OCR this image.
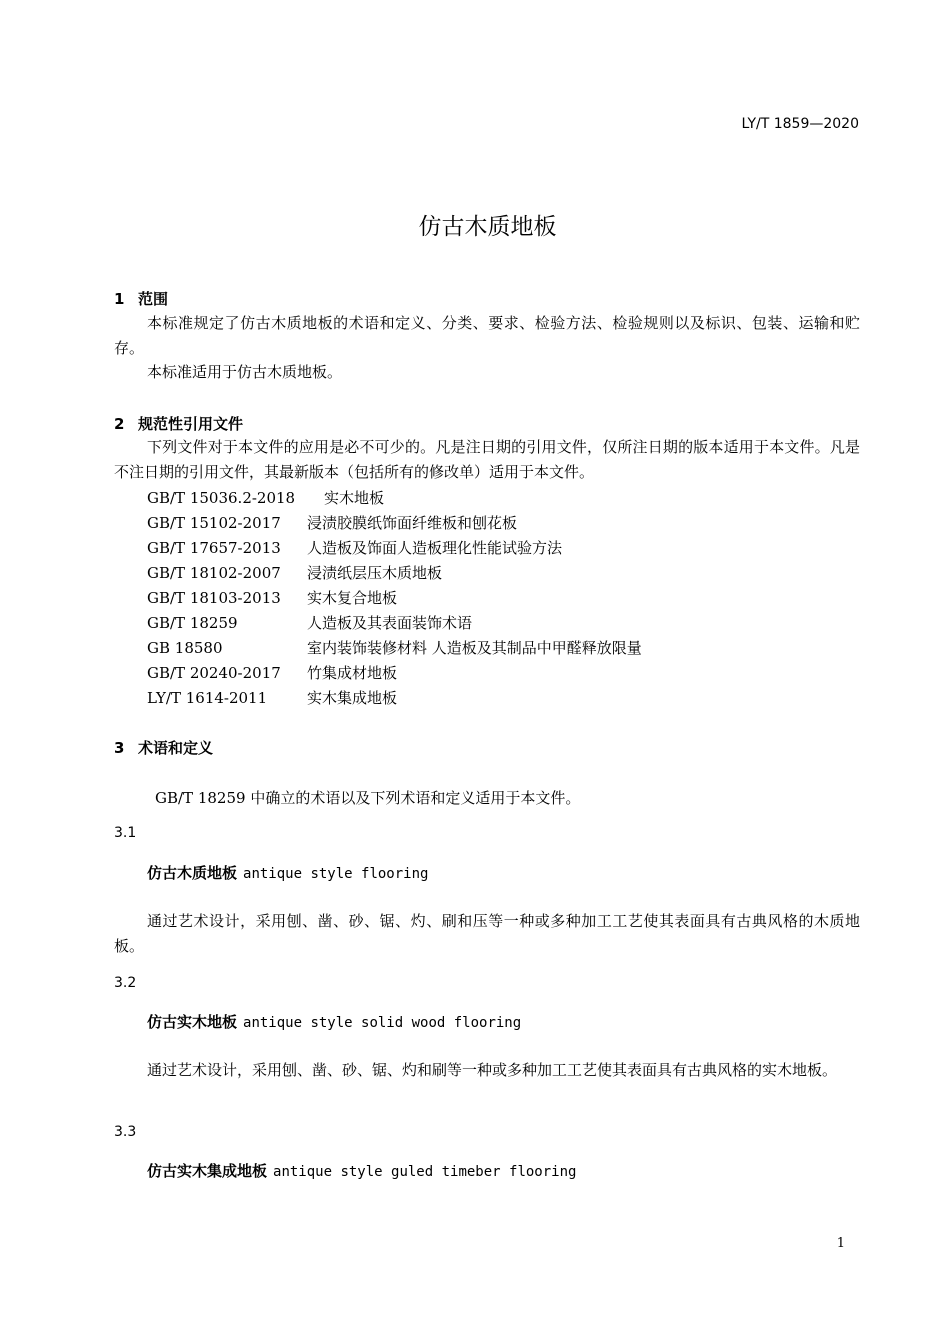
LY/T 1859—2020
仿古木质地板
1 范围
本标准规定了仿古木质地板的术语和定义、分类、要求、检验方法、检验规则以及标识、包装、运输和贮存。
本标准适用于仿古木质地板。
2 规范性引用文件
下列文件对于本文件的应用是必不可少的。凡是注日期的引用文件，仅所注日期的版本适用于本文件。凡是不注日期的引用文件，其最新版本（包括所有的修改单）适用于本文件。
GB/T 15036.2-2018 实木地板
GB/T 15102-2017 浸渍胶膜纸饰面纤维板和刨花板
GB/T 17657-2013 人造板及饰面人造板理化性能试验方法
GB/T 18102-2007 浸渍纸层压木质地板
GB/T 18103-2013 实木复合地板
GB/T 18259	人造板及其表面装饰术语
GB 18580	室内装饰装修材料 人造板及其制品中甲醛释放限量
GB/T 20240-2017 竹集成材地板
LY/T 1614-2011	实木集成地板
3 术语和定义
GB/T 18259 中确立的术语以及下列术语和定义适用于本文件。
3.1
仿古木质地板 antique style flooring
通过艺术设计，采用刨、凿、砂、锯、灼、刷和压等一种或多种加工工艺使其表面具有古典风格的木质地板。
3.2
仿古实木地板 antique style solid wood flooring
通过艺术设计，采用刨、凿、砂、锯、灼和刷等一种或多种加工工艺使其表面具有古典风格的实木地板。
3.3
仿古实木集成地板 antique style guled timeber flooring
1
